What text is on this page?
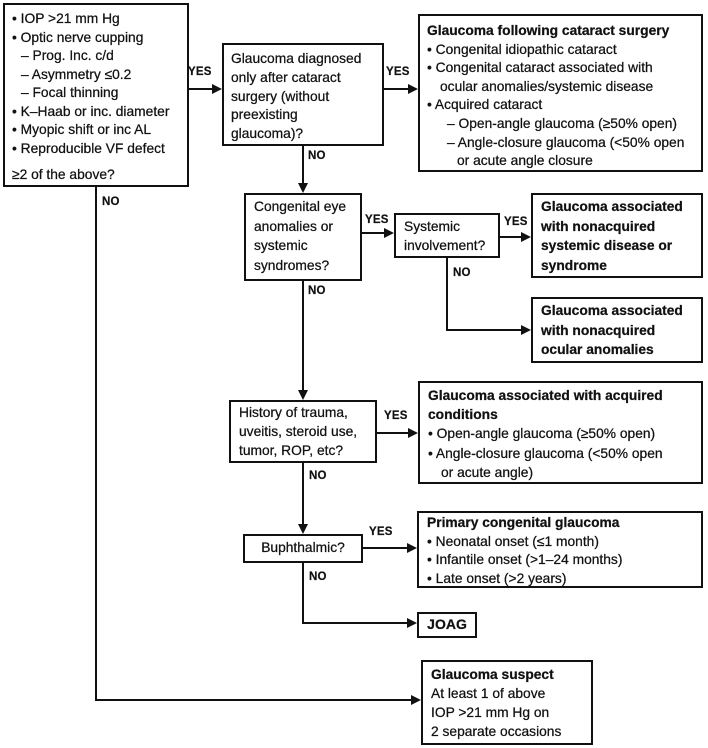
• IOP >21 mm Hg
• Optic nerve cupping
– Prog. Inc. c/d
– Asymmetry ≤0.2
– Focal thinning
• K–Haab or inc. diameter
• Myopic shift or inc AL
• Reproducible VF defect
≥2 of the above?
Glaucoma diagnosed
only after cataract
surgery (without
preexisting
glaucoma)?
Glaucoma following cataract surgery
• Congenital idiopathic cataract
• Congenital cataract associated with
ocular anomalies/systemic disease
• Acquired cataract
– Open-angle glaucoma (≥50% open)
– Angle-closure glaucoma (<50% open
or acute angle closure
Congenital eye
anomalies or
systemic
syndromes?
Systemic
involvement?
Glaucoma associated
with nonacquired
systemic disease or
syndrome
Glaucoma associated
with nonacquired
ocular anomalies
History of trauma,
uveitis, steroid use,
tumor, ROP, etc?
Glaucoma associated with acquired
conditions
• Open-angle glaucoma (≥50% open)
• Angle-closure glaucoma (<50% open
or acute angle)
Buphthalmic?
Primary congenital glaucoma
• Neonatal onset (≤1 month)
• Infantile onset (>1–24 months)
• Late onset (>2 years)
JOAG
Glaucoma suspect
At least 1 of above
IOP >21 mm Hg on
2 separate occasions
YES	YES
NO
YES	YES
NO
NO
YES
NO
YES
NO
NO
